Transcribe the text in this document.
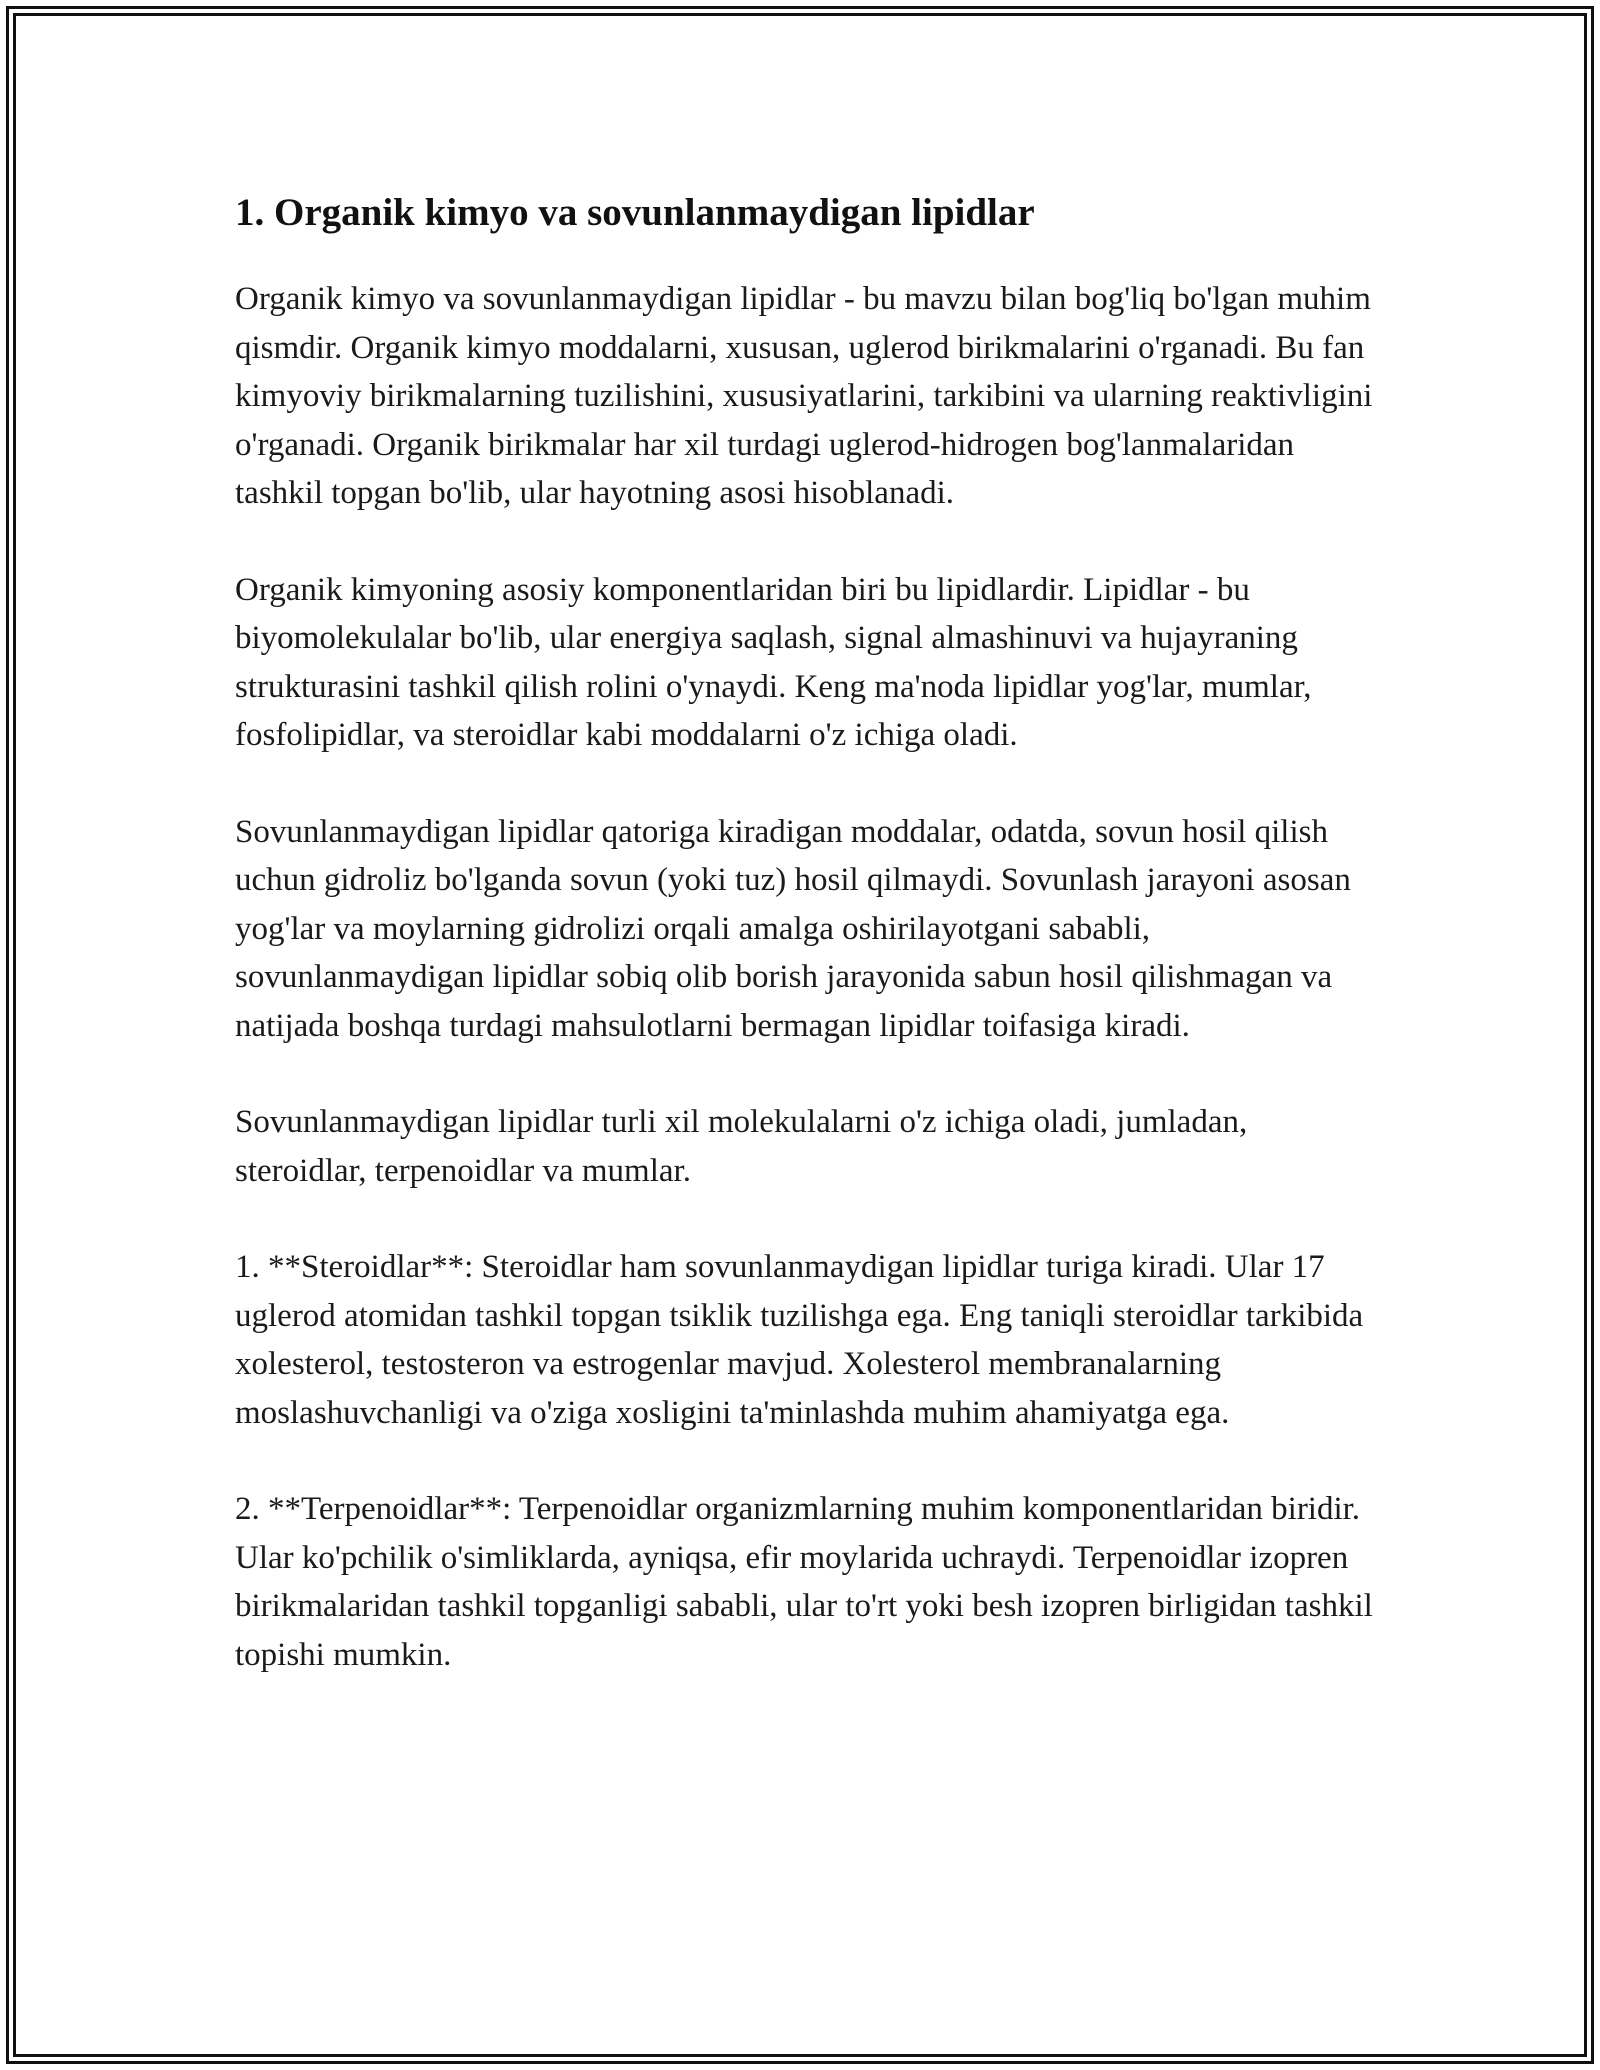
1. Organik kimyo va sovunlanmaydigan lipidlar

Organik kimyo va sovunlanmaydigan lipidlar - bu mavzu bilan bog'liq bo'lgan muhim qismdir. Organik kimyo moddalarni, xususan, uglerod birikmalarini o'rganadi. Bu fan kimyoviy birikmalarning tuzilishini, xususiyatlarini, tarkibini va ularning reaktivligini o'rganadi. Organik birikmalar har xil turdagi uglerod-hidrogen bog'lanmalaridan tashkil topgan bo'lib, ular hayotning asosi hisoblanadi.

Organik kimyoning asosiy komponentlaridan biri bu lipidlardir. Lipidlar - bu biyomolekulalar bo'lib, ular energiya saqlash, signal almashinuvi va hujayraning strukturasini tashkil qilish rolini o'ynaydi. Keng ma'noda lipidlar yog'lar, mumlar, fosfolipidlar, va steroidlar kabi moddalarni o'z ichiga oladi.

Sovunlanmaydigan lipidlar qatoriga kiradigan moddalar, odatda, sovun hosil qilish uchun gidroliz bo'lganda sovun (yoki tuz) hosil qilmaydi. Sovunlash jarayoni asosan yog'lar va moylarning gidrolizi orqali amalga oshirilayotgani sababli, sovunlanmaydigan lipidlar sobiq olib borish jarayonida sabun hosil qilishmagan va natijada boshqa turdagi mahsulotlarni bermagan lipidlar toifasiga kiradi.

Sovunlanmaydigan lipidlar turli xil molekulalarni o'z ichiga oladi, jumladan, steroidlar, terpenoidlar va mumlar.

1. **Steroidlar**: Steroidlar ham sovunlanmaydigan lipidlar turiga kiradi. Ular 17 uglerod atomidan tashkil topgan tsiklik tuzilishga ega. Eng taniqli steroidlar tarkibida xolesterol, testosteron va estrogenlar mavjud. Xolesterol membranalarning moslashuvchanligi va o'ziga xosligini ta'minlashda muhim ahamiyatga ega.

2. **Terpenoidlar**: Terpenoidlar organizmlarning muhim komponentlaridan biridir. Ular ko'pchilik o'simliklarda, ayniqsa, efir moylarida uchraydi. Terpenoidlar izopren birikmalaridan tashkil topganligi sababli, ular to'rt yoki besh izopren birligidan tashkil topishi mumkin.
